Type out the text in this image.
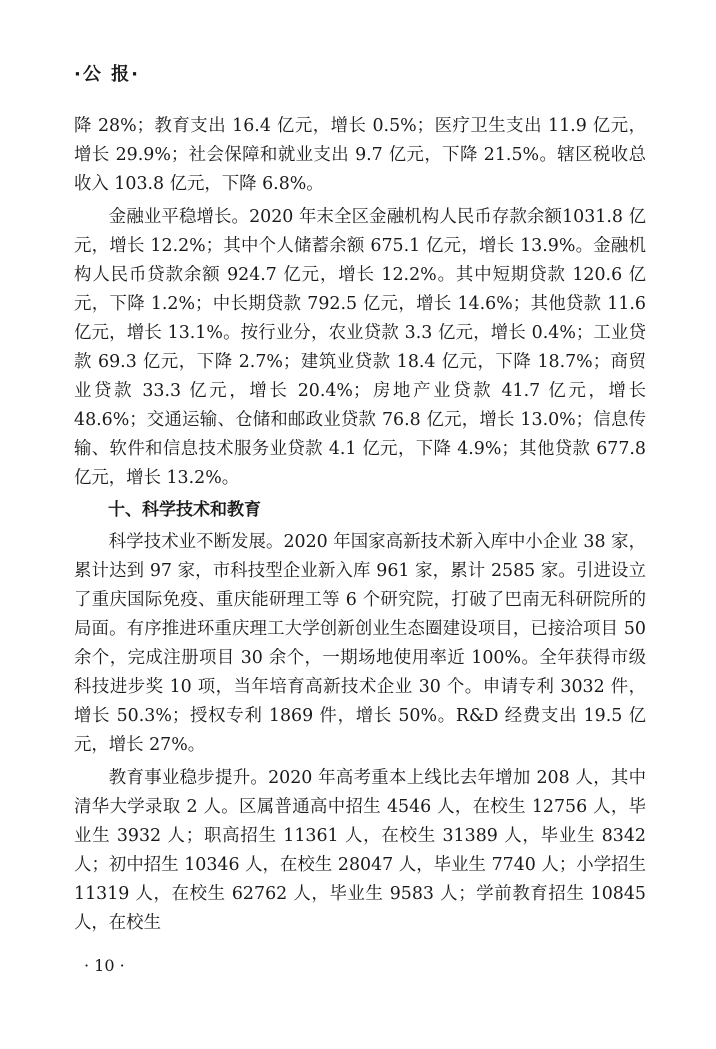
·公 报·

降 28%；教育支出 16.4 亿元，增长 0.5%；医疗卫生支出 11.9 亿元，增长 29.9%；社会保障和就业支出 9.7 亿元，下降 21.5%。辖区税收总收入 103.8 亿元，下降 6.8%。

金融业平稳增长。2020 年末全区金融机构人民币存款余额1031.8 亿元，增长 12.2%；其中个人储蓄余额 675.1 亿元，增长 13.9%。金融机构人民币贷款余额 924.7 亿元，增长 12.2%。其中短期贷款 120.6 亿元，下降 1.2%；中长期贷款 792.5 亿元，增长 14.6%；其他贷款 11.6 亿元，增长 13.1%。按行业分，农业贷款 3.3 亿元，增长 0.4%；工业贷款 69.3 亿元，下降 2.7%；建筑业贷款 18.4 亿元，下降 18.7%；商贸业贷款 33.3 亿元，增长 20.4%；房地产业贷款 41.7 亿元，增长 48.6%；交通运输、仓储和邮政业贷款 76.8 亿元，增长 13.0%；信息传输、软件和信息技术服务业贷款 4.1 亿元，下降 4.9%；其他贷款 677.8 亿元，增长 13.2%。

十、科学技术和教育

科学技术业不断发展。2020 年国家高新技术新入库中小企业 38 家，累计达到 97 家，市科技型企业新入库 961 家，累计 2585 家。引进设立了重庆国际免疫、重庆能研理工等 6 个研究院，打破了巴南无科研院所的局面。有序推进环重庆理工大学创新创业生态圈建设项目，已接洽项目 50 余个，完成注册项目 30 余个，一期场地使用率近 100%。全年获得市级科技进步奖 10 项，当年培育高新技术企业 30 个。申请专利 3032 件，增长 50.3%；授权专利 1869 件，增长 50%。R&D 经费支出 19.5 亿元，增长 27%。

教育事业稳步提升。2020 年高考重本上线比去年增加 208 人，其中清华大学录取 2 人。区属普通高中招生 4546 人，在校生 12756 人，毕业生 3932 人；职高招生 11361 人，在校生 31389 人，毕业生 8342 人；初中招生 10346 人，在校生 28047 人，毕业生 7740 人；小学招生 11319 人，在校生 62762 人，毕业生 9583 人；学前教育招生 10845 人，在校生

· 10 ·
